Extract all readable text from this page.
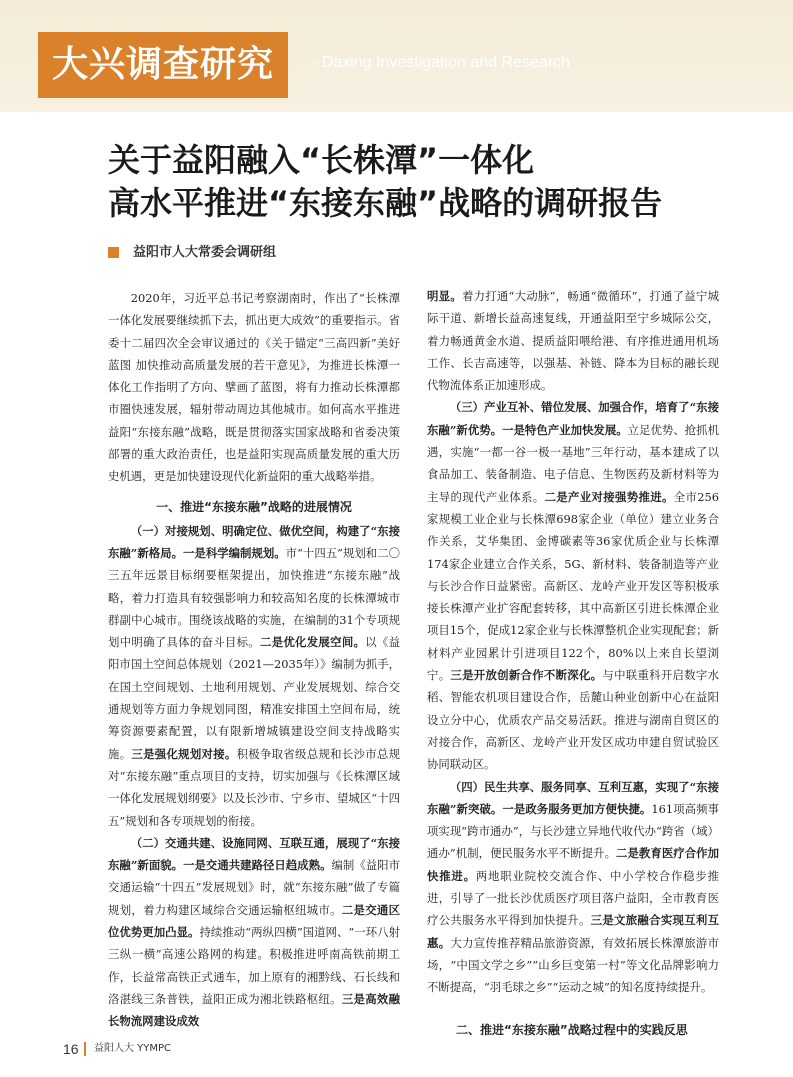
大兴调查研究	· Daxing Investigation and Research
关于益阳融入“长株潭”一体化
高水平推进“东接东融”战略的调研报告
益阳市人大常委会调研组

2020年，习近平总书记考察湖南时，作出了“长株潭一体化发展要继续抓下去，抓出更大成效”的重要指示。省委十二届四次全会审议通过的《关于锚定“三高四新”美好蓝图 加快推动高质量发展的若干意见》，为推进长株潭一体化工作指明了方向、擘画了蓝图，将有力推动长株潭都市圈快速发展，辐射带动周边其他城市。如何高水平推进益阳“东接东融”战略，既是贯彻落实国家战略和省委决策部署的重大政治责任，也是益阳实现高质量发展的重大历史机遇，更是加快建设现代化新益阳的重大战略举措。

一、推进“东接东融”战略的进展情况

（一）对接规划、明确定位、做优空间，构建了“东接东融”新格局。一是科学编制规划。市“十四五”规划和二〇三五年远景目标纲要框架提出，加快推进“东接东融”战略，着力打造具有较强影响力和较高知名度的长株潭城市群副中心城市。围绕该战略的实施，在编制的31个专项规划中明确了具体的奋斗目标。二是优化发展空间。以《益阳市国土空间总体规划（2021—2035年）》编制为抓手，在国土空间规划、土地利用规划、产业发展规划、综合交通规划等方面力争规划同图，精准安排国土空间布局，统筹资源要素配置，以有限新增城镇建设空间支持战略实施。三是强化规划对接。积极争取省级总规和长沙市总规对“东接东融”重点项目的支持，切实加强与《长株潭区域一体化发展规划纲要》以及长沙市、宁乡市、望城区“十四五”规划和各专项规划的衔接。

（二）交通共建、设施同网、互联互通，展现了“东接东融”新面貌。一是交通共建路径日趋成熟。编制《益阳市交通运输“十四五”发展规划》时，就“东接东融”做了专篇规划，着力构建区域综合交通运输枢纽城市。二是交通区位优势更加凸显。持续推动“两纵四横”国道网、“一环八射三纵一横”高速公路网的构建。积极推进呼南高铁前期工作，长益常高铁正式通车，加上原有的湘黔线、石长线和洛湛线三条普铁，益阳正成为湘北铁路枢纽。三是高效融长物流网建设成效

明显。着力打通“大动脉”，畅通“微循环”，打通了益宁城际干道、新增长益高速复线，开通益阳至宁乡城际公交，着力畅通黄金水道、提质益阳喂给港、有序推进通用机场工作、长吉高速等，以强基、补链、降本为目标的融长现代物流体系正加速形成。

（三）产业互补、错位发展、加强合作，培育了“东接东融”新优势。一是特色产业加快发展。立足优势、抢抓机遇，实施“一都一谷一极一基地”三年行动，基本建成了以食品加工、装备制造、电子信息、生物医药及新材料等为主导的现代产业体系。二是产业对接强势推进。全市256家规模工业企业与长株潭698家企业（单位）建立业务合作关系，艾华集团、金博碳素等36家优质企业与长株潭174家企业建立合作关系，5G、新材料、装备制造等产业与长沙合作日益紧密。高新区、龙岭产业开发区等积极承接长株潭产业扩容配套转移，其中高新区引进长株潭企业项目15个，促成12家企业与长株潭整机企业实现配套；新材料产业园累计引进项目122个，80%以上来自长望浏宁。三是开放创新合作不断深化。与中联重科开启数字水稻、智能农机项目建设合作，岳麓山种业创新中心在益阳设立分中心，优质农产品交易活跃。推进与湖南自贸区的对接合作，高新区、龙岭产业开发区成功申建自贸试验区协同联动区。

（四）民生共享、服务同享、互利互惠，实现了“东接东融”新突破。一是政务服务更加方便快捷。161项高频事项实现“跨市通办”，与长沙建立异地代收代办“跨省（域）通办”机制，便民服务水平不断提升。二是教育医疗合作加快推进。两地职业院校交流合作、中小学校合作稳步推进，引导了一批长沙优质医疗项目落户益阳，全市教育医疗公共服务水平得到加快提升。三是文旅融合实现互利互惠。大力宣传推荐精品旅游资源，有效拓展长株潭旅游市场，“中国文学之乡”“山乡巨变第一村”等文化品牌影响力不断提高，“羽毛球之乡”“运动之城”的知名度持续提升。

二、推进“东接东融”战略过程中的实践反思
16 益阳人大 YYMPC
